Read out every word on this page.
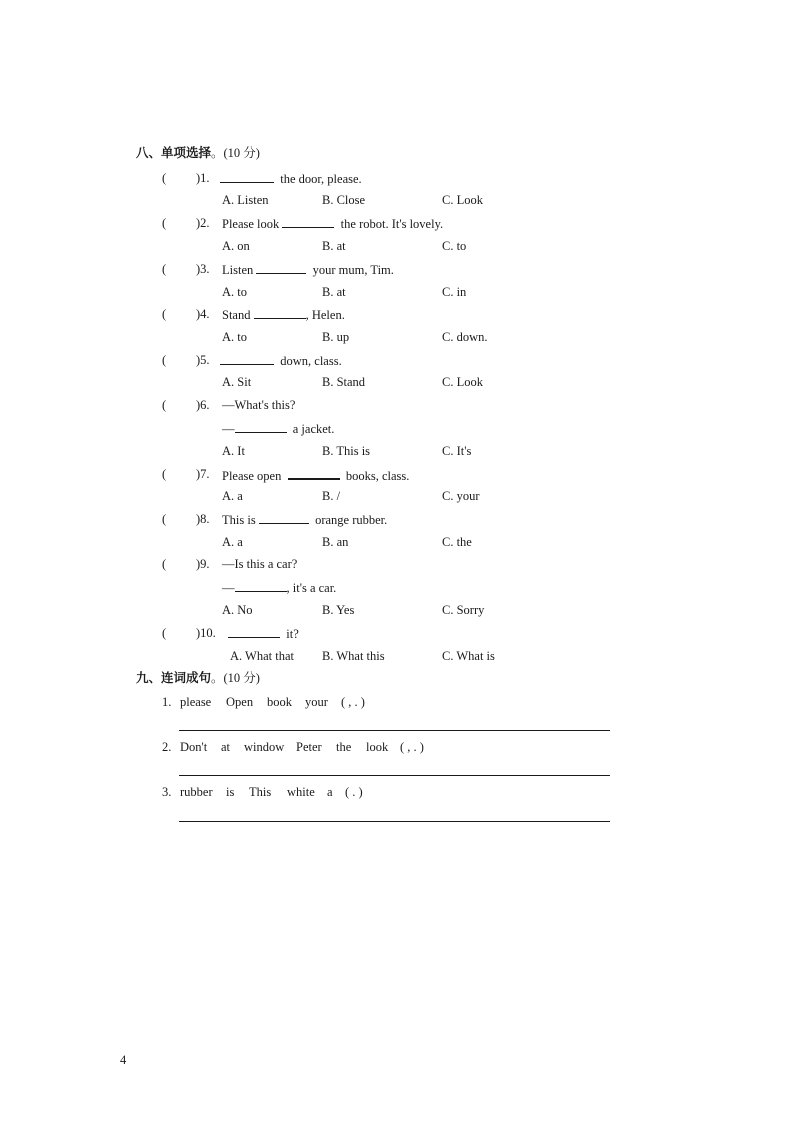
八、单项选择。(10 分)
( )1.	the door, please.
A. Listen	B. Close	C. Look
( )2. Please look	the robot. It's lovely.
A. on	B. at	C. to
( )3. Listen	your mum, Tim.
A. to	B. at	C. in
( )4. Stand	, Helen.
A. to	B. up	C. down.
( )5.	down, class.
A. Sit	B. Stand	C. Look
( )6. —What's this?
—	a jacket.
A. It	B. This is	C. It's
( )7. Please open	books, class.
A. a	B. /	C. your
( )8. This is	orange rubber.
A. a	B. an	C. the
( )9. —Is this a car?
—	, it's a car.
A. No	B. Yes	C. Sorry
( )10.	it?
A. What that B. What this	C. What is
九、连词成句。(10 分)
1. please Open book your ( , . )
2. Don't at window Peter the look ( , . )
3. rubber is This white a ( . )
4
